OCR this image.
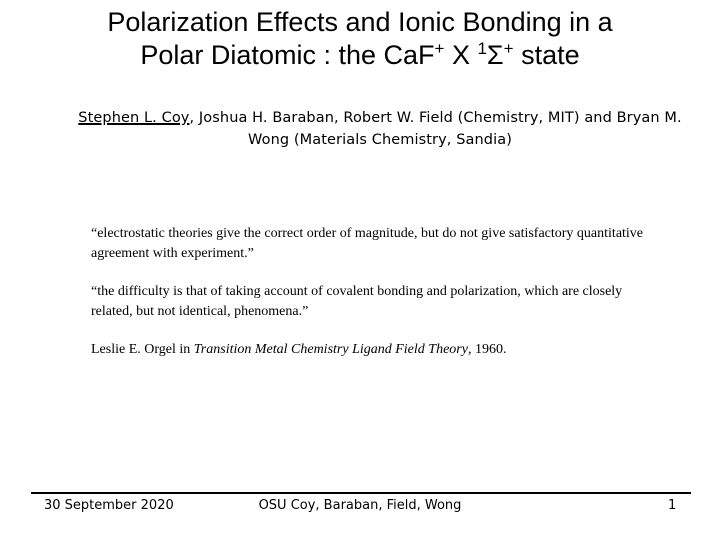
Polarization Effects and Ionic Bonding in a
Polar Diatomic : the CaF+ X $^1$Σ+ state
Stephen L. Coy, Joshua H. Baraban, Robert W. Field (Chemistry, MIT) and Bryan M. Wong (Materials Chemistry, Sandia)
“electrostatic theories give the correct order of magnitude, but do not give satisfactory quantitative agreement with experiment.”
“the difficulty is that of taking account of covalent bonding and polarization, which are closely related, but not identical, phenomena.”
Leslie E. Orgel in Transition Metal Chemistry Ligand Field Theory, 1960.
30 September 2020	OSU Coy, Baraban, Field, Wong	1
